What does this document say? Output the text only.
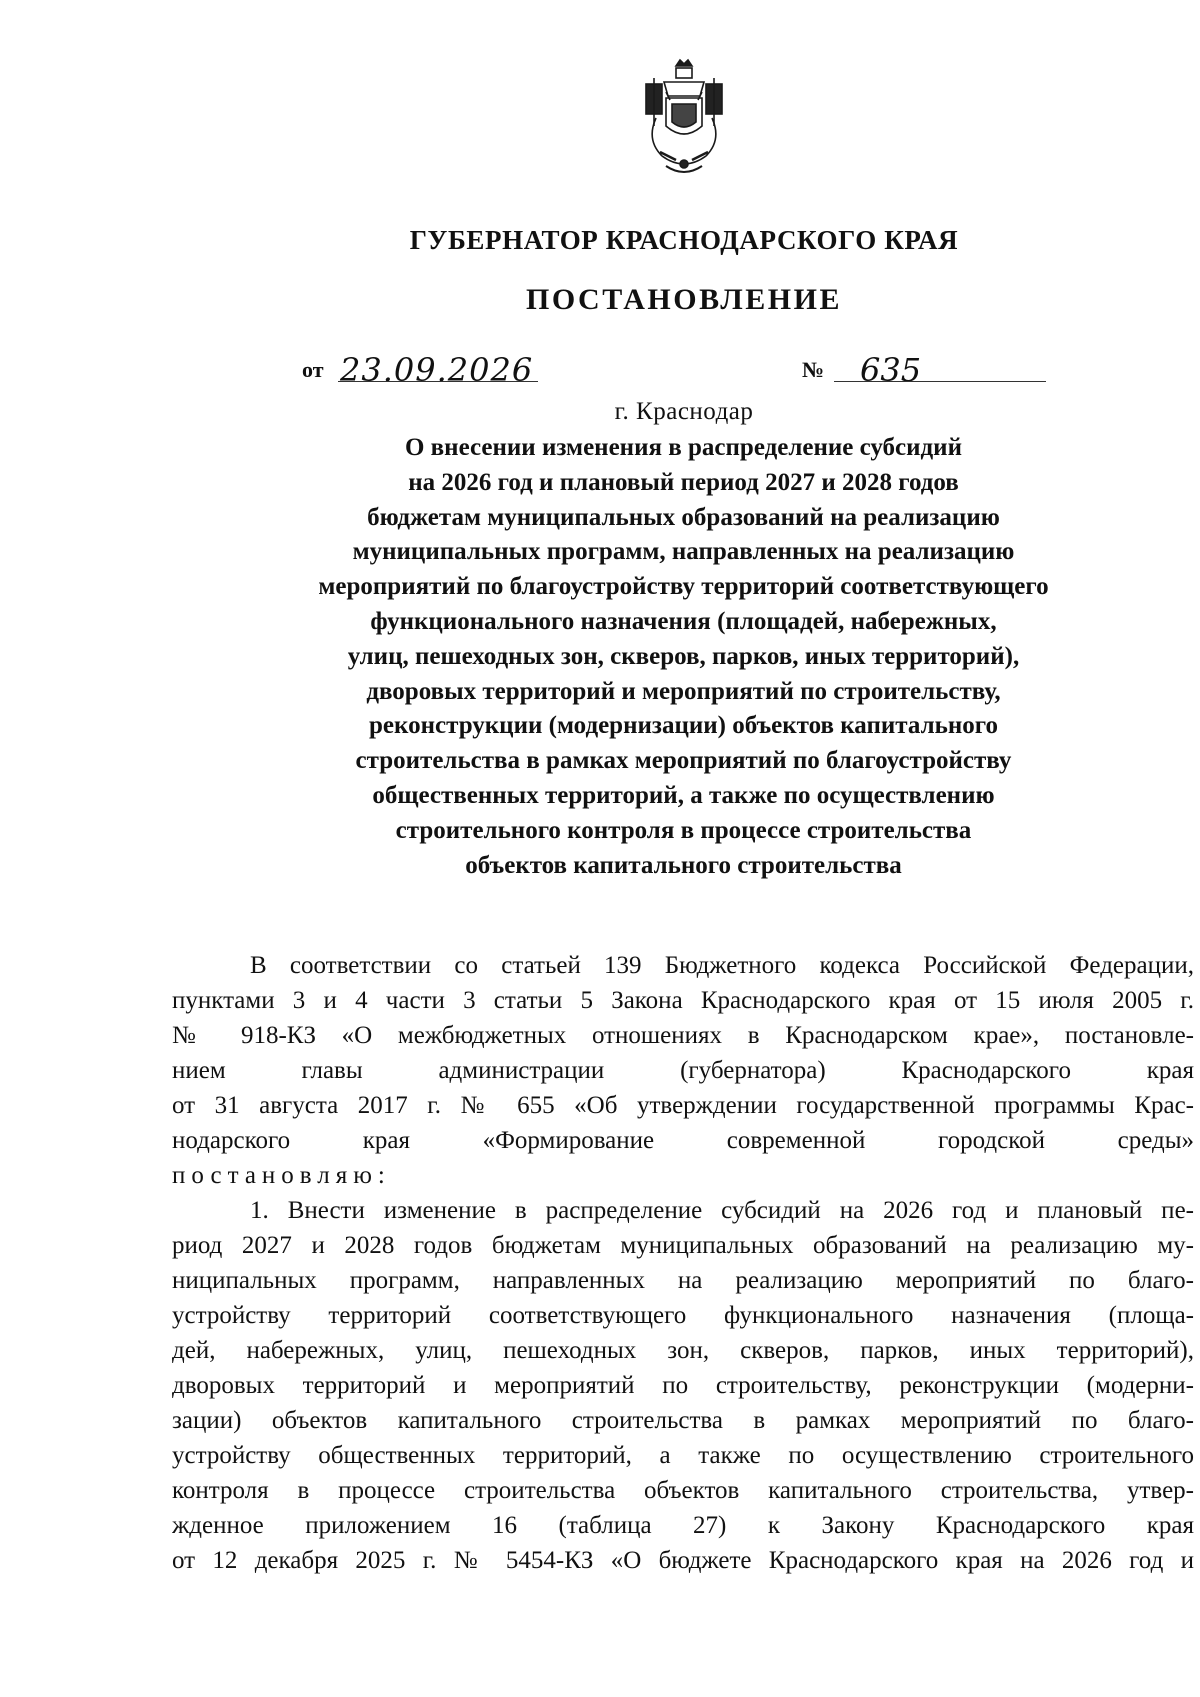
ГУБЕРНАТОР КРАСНОДАРСКОГО КРАЯ
ПОСТАНОВЛЕНИЕ
от 23.09.2026	№ 635
г. Краснодар
О внесении изменения в распределение субсидий
на 2026 год и плановый период 2027 и 2028 годов
бюджетам муниципальных образований на реализацию
муниципальных программ, направленных на реализацию
мероприятий по благоустройству территорий соответствующего
функционального назначения (площадей, набережных,
улиц, пешеходных зон, скверов, парков, иных территорий),
дворовых территорий и мероприятий по строительству,
реконструкции (модернизации) объектов капитального
строительства в рамках мероприятий по благоустройству
общественных территорий, а также по осуществлению
строительного контроля в процессе строительства
объектов капитального строительства
В соответствии со статьей 139 Бюджетного кодекса Российской Федерации,
пунктами 3 и 4 части 3 статьи 5 Закона Краснодарского края от 15 июля 2005 г.
№ 918-КЗ «О межбюджетных отношениях в Краснодарском крае», постановле-
нием главы администрации (губернатора) Краснодарского края
от 31 августа 2017 г. № 655 «Об утверждении государственной программы Крас-
нодарского края «Формирование современной городской среды»
постановляю:
1. Внести изменение в распределение субсидий на 2026 год и плановый пе-
риод 2027 и 2028 годов бюджетам муниципальных образований на реализацию му-
ниципальных программ, направленных на реализацию мероприятий по благо-
устройству территорий соответствующего функционального назначения (площа-
дей, набережных, улиц, пешеходных зон, скверов, парков, иных территорий),
дворовых территорий и мероприятий по строительству, реконструкции (модерни-
зации) объектов капитального строительства в рамках мероприятий по благо-
устройству общественных территорий, а также по осуществлению строительного
контроля в процессе строительства объектов капитального строительства, утвер-
жденное приложением 16 (таблица 27) к Закону Краснодарского края
от 12 декабря 2025 г. № 5454-КЗ «О бюджете Краснодарского края на 2026 год и
